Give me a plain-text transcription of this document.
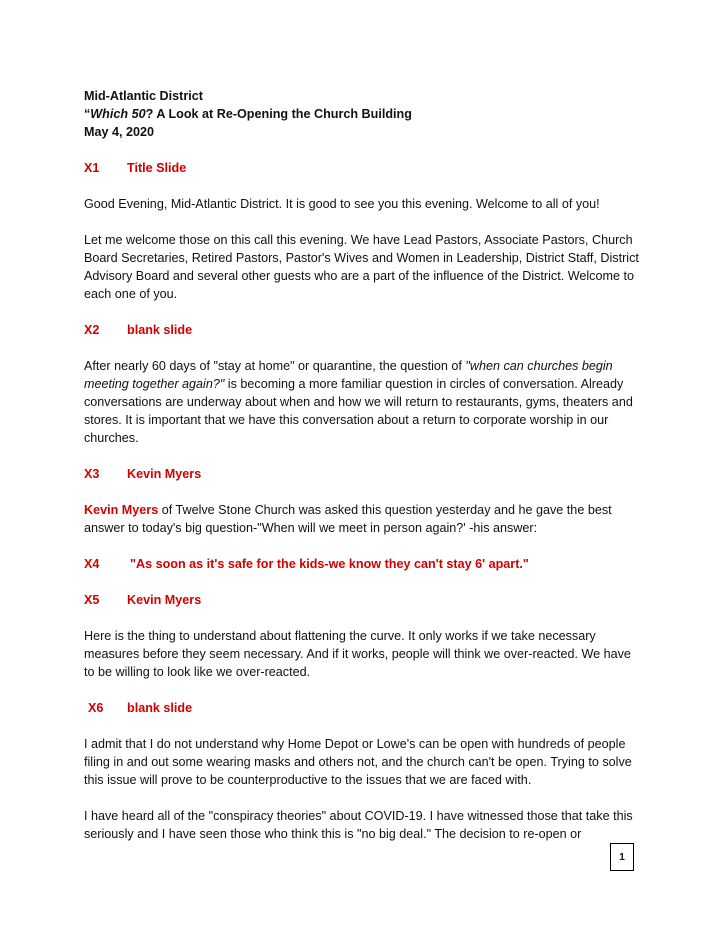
Mid-Atlantic District
“Which 50? A Look at Re-Opening the Church Building
May 4, 2020
X1 Title Slide

Good Evening, Mid-Atlantic District. It is good to see you this evening. Welcome to all of you!

Let me welcome those on this call this evening. We have Lead Pastors, Associate Pastors, Church Board Secretaries, Retired Pastors, Pastor's Wives and Women in Leadership, District Staff, District Advisory Board and several other guests who are a part of the influence of the District. Welcome to each one of you.

X2 blank slide

After nearly 60 days of "stay at home" or quarantine, the question of "when can churches begin meeting together again?" is becoming a more familiar question in circles of conversation. Already conversations are underway about when and how we will return to restaurants, gyms, theaters and stores. It is important that we have this conversation about a return to corporate worship in our churches.

X3 Kevin Myers

Kevin Myers of Twelve Stone Church was asked this question yesterday and he gave the best answer to today's big question-"When will we meet in person again?' -his answer:

X4 "As soon as it's safe for the kids-we know they can't stay 6' apart."
X5 Kevin Myers

Here is the thing to understand about flattening the curve. It only works if we take necessary measures before they seem necessary. And if it works, people will think we over-reacted. We have to be willing to look like we over-reacted.

X6 blank slide

I admit that I do not understand why Home Depot or Lowe's can be open with hundreds of people filing in and out some wearing masks and others not, and the church can't be open. Trying to solve this issue will prove to be counterproductive to the issues that we are faced with.

I have heard all of the "conspiracy theories" about COVID-19. I have witnessed those that take this seriously and I have seen those who think this is "no big deal." The decision to re-open or

1
